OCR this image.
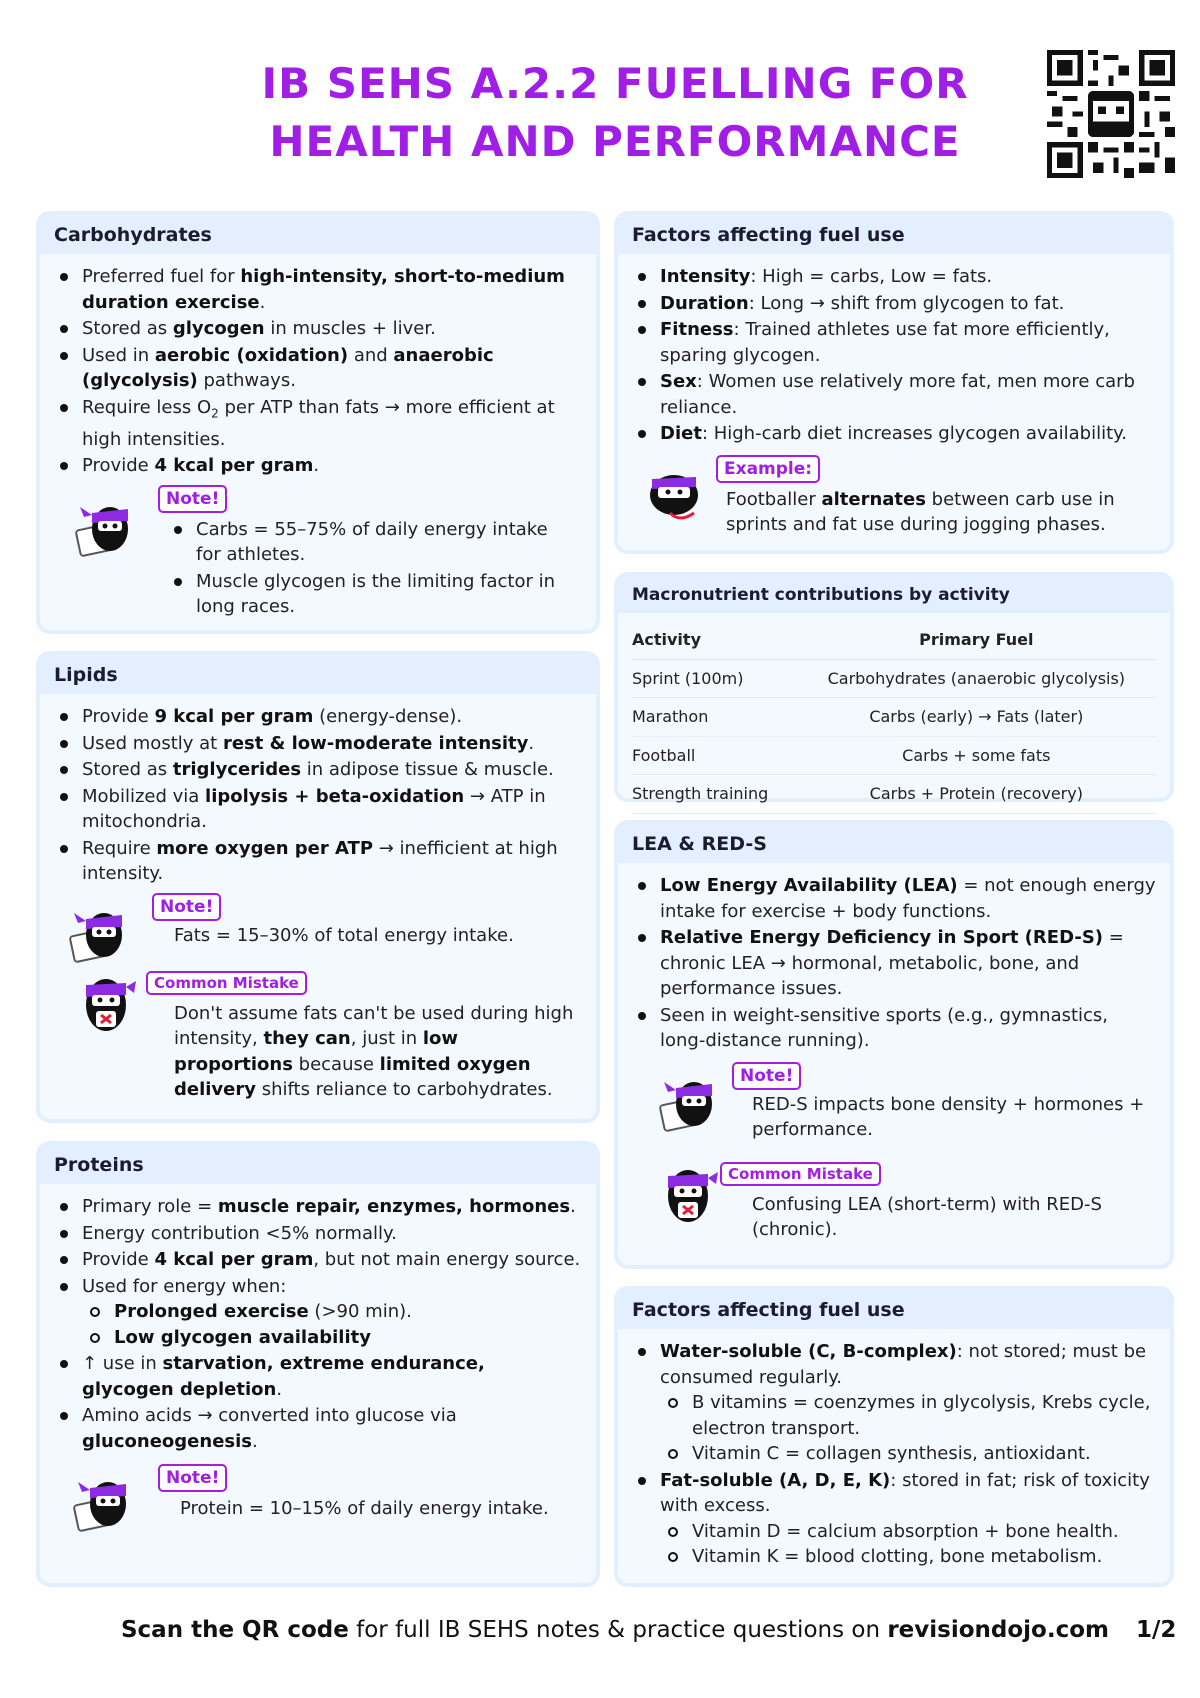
IB SEHS A.2.2 FUELLING FOR
HEALTH AND PERFORMANCE
Carbohydrates
Preferred fuel for high-intensity, short-to-medium duration exercise.
Stored as glycogen in muscles + liver.
Used in aerobic (oxidation) and anaerobic (glycolysis) pathways.
Require less $O_2$ per ATP than fats → more efficient at high intensities.
Provide 4 kcal per gram.
Note!
Carbs = 55–75% of daily energy intake for athletes.
Muscle glycogen is the limiting factor in long races.
Lipids
Provide 9 kcal per gram (energy-dense).
Used mostly at rest & low-moderate intensity.
Stored as triglycerides in adipose tissue & muscle.
Mobilized via lipolysis + beta-oxidation → ATP in mitochondria.
Require more oxygen per ATP → inefficient at high intensity.
Note!
Fats = 15–30% of total energy intake.
Common Mistake
Don't assume fats can't be used during high intensity, they can, just in low proportions because limited oxygen delivery shifts reliance to carbohydrates.
Proteins
Primary role = muscle repair, enzymes, hormones.
Energy contribution <5% normally.
Provide 4 kcal per gram, but not main energy source.
Used for energy when:
Prolonged exercise (>90 min).
Low glycogen availability
↑ use in starvation, extreme endurance, glycogen depletion.
Amino acids → converted into glucose via gluconeogenesis.
Note!
Protein = 10–15% of daily energy intake.
Factors affecting fuel use
Intensity: High = carbs, Low = fats.
Duration: Long → shift from glycogen to fat.
Fitness: Trained athletes use fat more efficiently, sparing glycogen.
Sex: Women use relatively more fat, men more carb reliance.
Diet: High-carb diet increases glycogen availability.
Example:
Footballer alternates between carb use in sprints and fat use during jogging phases.
Macronutrient contributions by activity
Activity	Primary Fuel
Sprint (100m)	Carbohydrates (anaerobic glycolysis)
Marathon	Carbs (early) → Fats (later)
Football	Carbs + some fats
Strength training	Carbs + Protein (recovery)
LEA & RED-S
Low Energy Availability (LEA) = not enough energy intake for exercise + body functions.
Relative Energy Deficiency in Sport (RED-S) = chronic LEA → hormonal, metabolic, bone, and performance issues.
Seen in weight-sensitive sports (e.g., gymnastics, long-distance running).
Note!
RED-S impacts bone density + hormones + performance.
Common Mistake
Confusing LEA (short-term) with RED-S (chronic).
Factors affecting fuel use
Water-soluble (C, B-complex): not stored; must be consumed regularly.
B vitamins = coenzymes in glycolysis, Krebs cycle, electron transport.
Vitamin C = collagen synthesis, antioxidant.
Fat-soluble (A, D, E, K): stored in fat; risk of toxicity with excess.
Vitamin D = calcium absorption + bone health.
Vitamin K = blood clotting, bone metabolism.
Scan the QR code for full IB SEHS notes & practice questions on revisiondojo.com	1/2
